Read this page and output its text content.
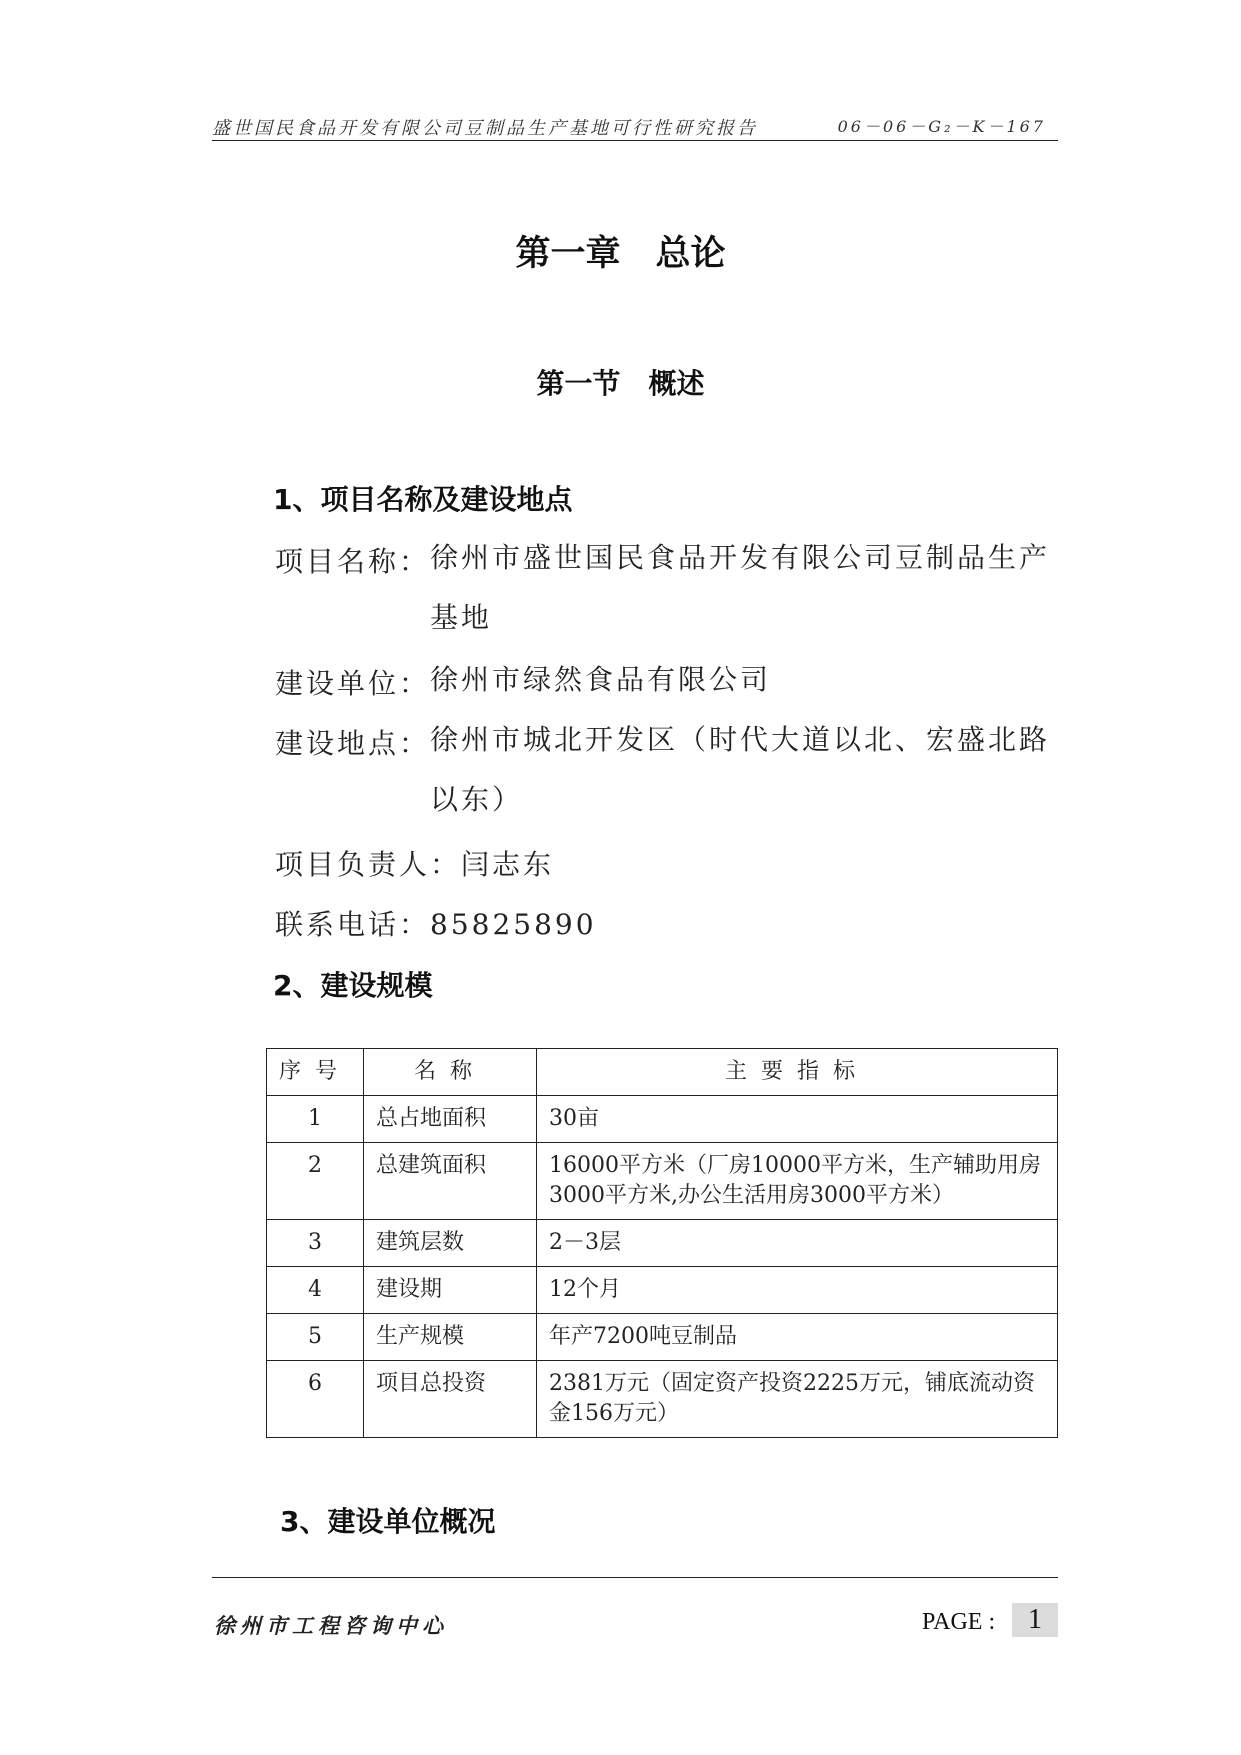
盛世国民食品开发有限公司豆制品生产基地可行性研究报告	06－06－G₂－K－167
第一章　总论
第一节　概述
1、项目名称及建设地点
项目名称： 徐州市盛世国民食品开发有限公司豆制品生产基地
建设单位： 徐州市绿然食品有限公司
建设地点： 徐州市城北开发区（时代大道以北、宏盛北路以东）
项目负责人：闫志东
联系电话：85825890
2、建设规模
序号	名称	主要指标
1	总占地面积	30亩
2	总建筑面积	16000平方米（厂房10000平方米，生产辅助用房3000平方米,办公生活用房3000平方米）
3	建筑层数	2－3层
4	建设期	12个月
5	生产规模	年产7200吨豆制品
6	项目总投资	2381万元（固定资产投资2225万元，铺底流动资金156万元）
3、建设单位概况
徐州市工程咨询中心	PAGE :	1
